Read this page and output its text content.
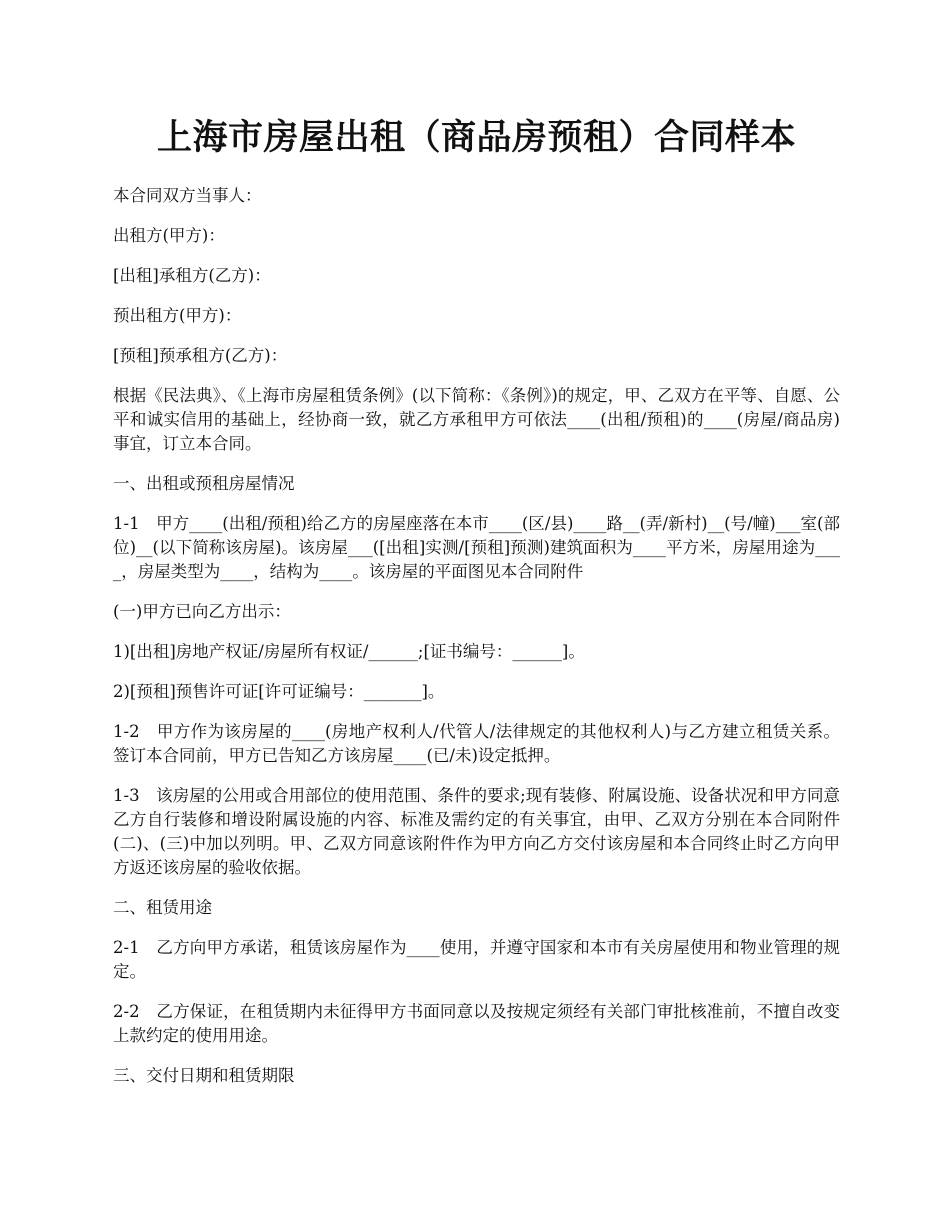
上海市房屋出租（商品房预租）合同样本

本合同双方当事人：

出租方(甲方)：

[出租]承租方(乙方)：

预出租方(甲方)：

[预租]预承租方(乙方)：

根据《民法典》、《上海市房屋租赁条例》(以下简称：《条例》)的规定，甲、乙双方在平等、自愿、公平和诚实信用的基础上，经协商一致，就乙方承租甲方可依法____(出租/预租)的____(房屋/商品房)事宜，订立本合同。

一、出租或预租房屋情况

1-1　甲方____(出租/预租)给乙方的房屋座落在本市____(区/县)____路__(弄/新村)__(号/幢)___室(部位)__(以下简称该房屋)。该房屋___([出租]实测/[预租]预测)建筑面积为____平方米，房屋用途为____，房屋类型为____，结构为____。该房屋的平面图见本合同附件

(一)甲方已向乙方出示：

1)[出租]房地产权证/房屋所有权证/______;[证书编号：______]。

2)[预租]预售许可证[许可证编号：_______]。

1-2　甲方作为该房屋的____(房地产权利人/代管人/法律规定的其他权利人)与乙方建立租赁关系。签订本合同前，甲方已告知乙方该房屋____(已/未)设定抵押。

1-3　该房屋的公用或合用部位的使用范围、条件的要求;现有装修、附属设施、设备状况和甲方同意乙方自行装修和增设附属设施的内容、标准及需约定的有关事宜，由甲、乙双方分别在本合同附件(二)、(三)中加以列明。甲、乙双方同意该附件作为甲方向乙方交付该房屋和本合同终止时乙方向甲方返还该房屋的验收依据。

二、租赁用途

2-1　乙方向甲方承诺，租赁该房屋作为____使用，并遵守国家和本市有关房屋使用和物业管理的规定。

2-2　乙方保证，在租赁期内未征得甲方书面同意以及按规定须经有关部门审批核准前，不擅自改变上款约定的使用用途。

三、交付日期和租赁期限
